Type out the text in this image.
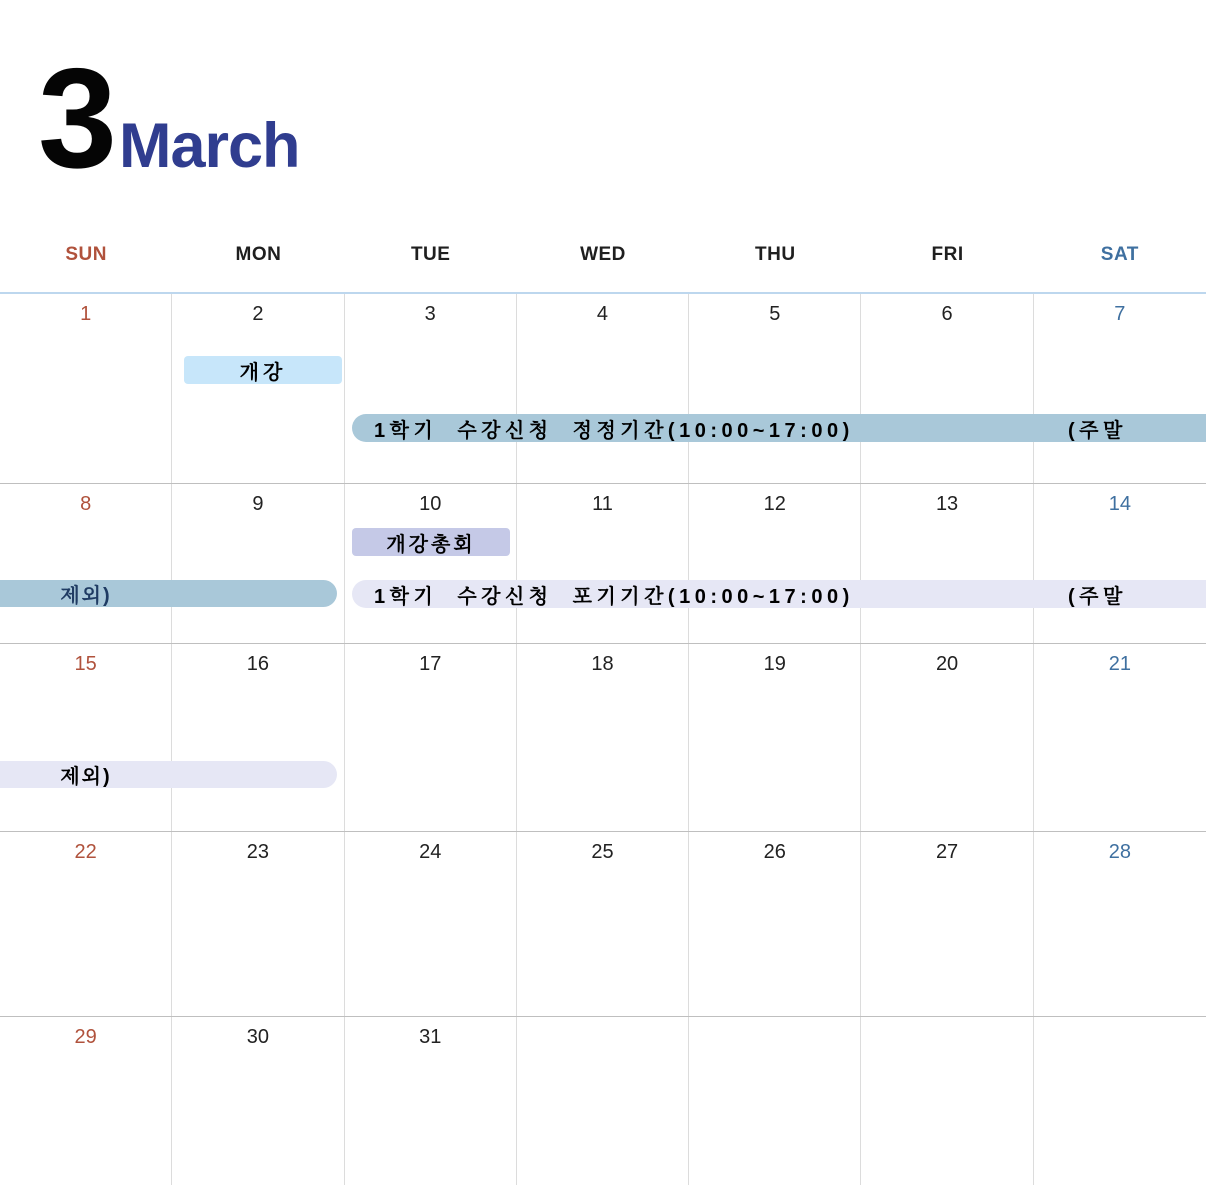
3 March
SUN	MON	TUE	WED	THU	FRI	SAT
1	2	3	4	5	6	7
8	9	10	11	12	13	14
15	16	17	18	19	20	21
22	23	24	25	26	27	28
29	30	31
개강
1학기 수강신청 정정기간(10:00~17:00)	(주말
제외)
개강총회
1학기 수강신청 포기기간(10:00~17:00)	(주말
제외)
